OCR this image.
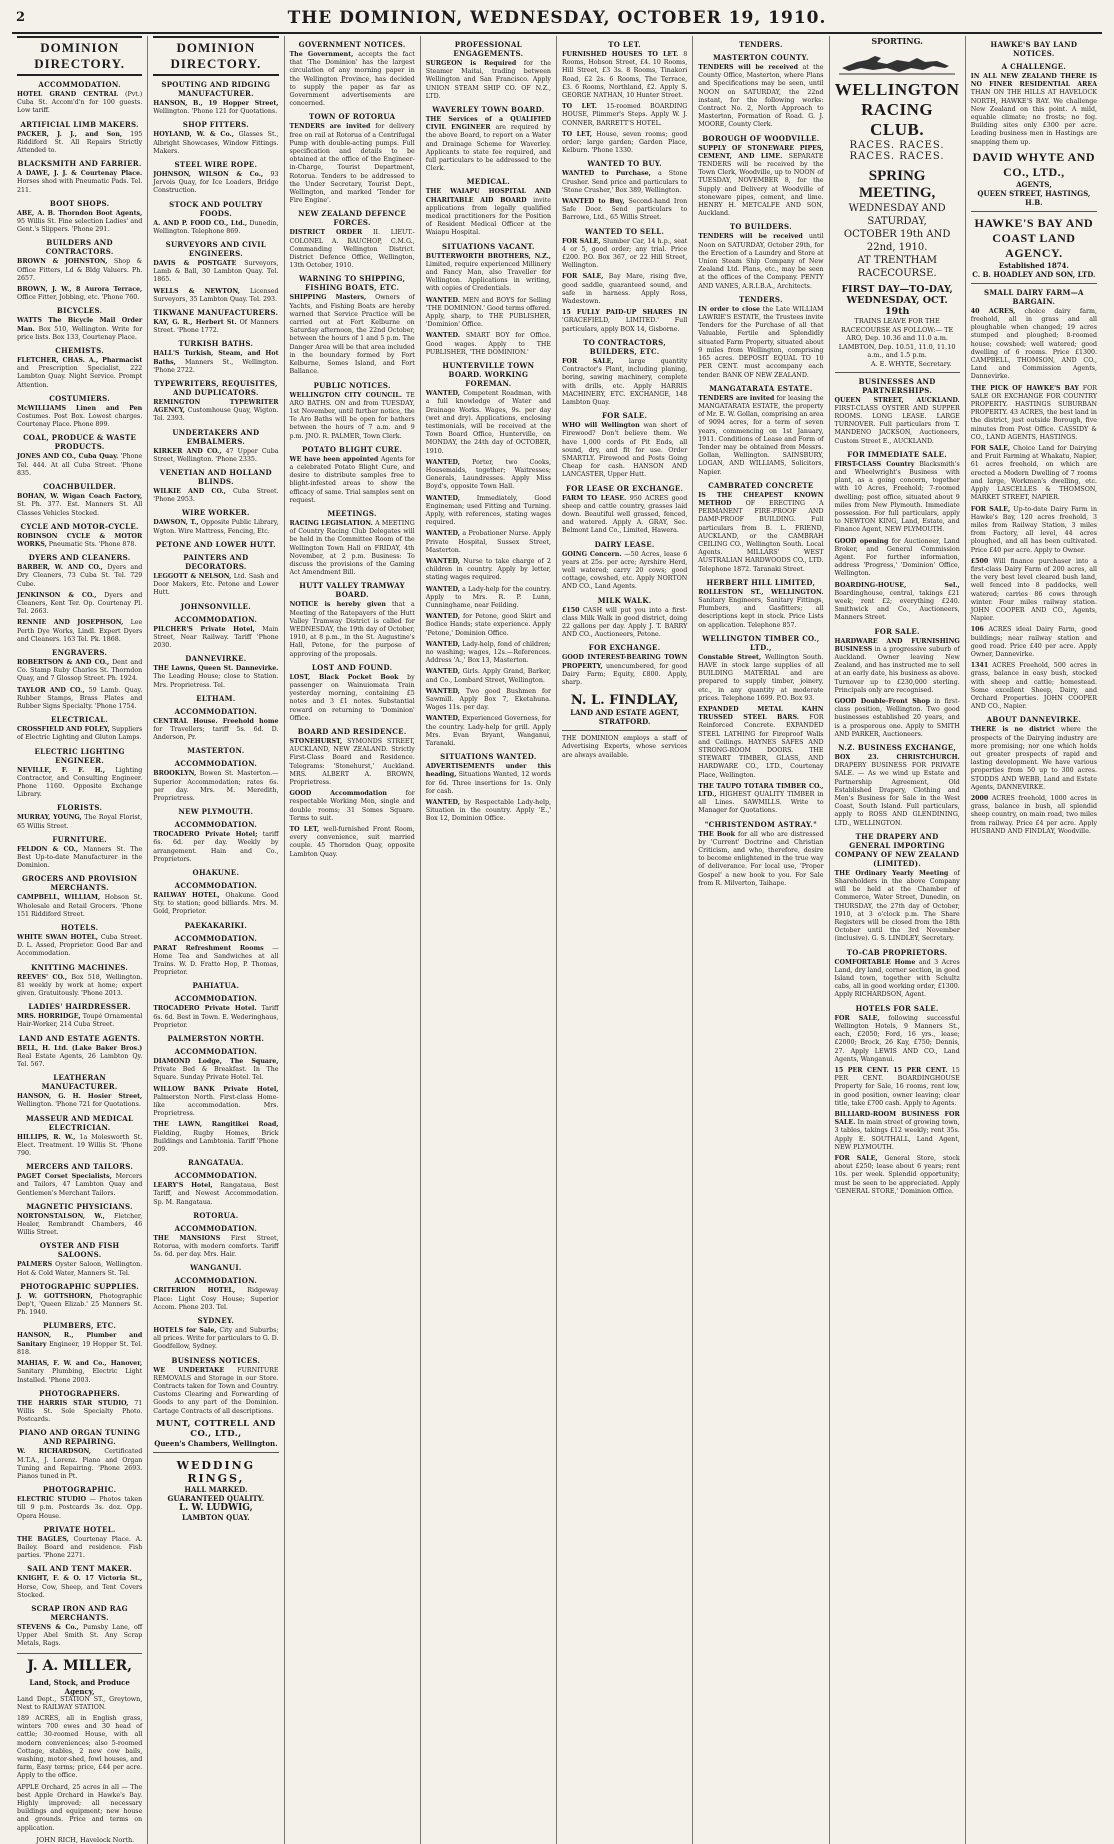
2	THE DOMINION, WEDNESDAY, OCTOBER 19, 1910.
DOMINION DIRECTORY.
ACCOMMODATION.
HOTEL GRAND CENTRAL (Pvt.) Cuba St. Accom'd'n for 100 guests. Low tariff.
ARTIFICIAL LIMB MAKERS.
PACKER, J. J., and Son, 195 Riddiford St. All Repairs Strictly Attended to.
BLACKSMITH AND FARRIER.
A DAWE, J. J. & Courtenay Place. Horses shod with Pneumatic Pads. Tel. 211.
BOOT SHOPS.
ABE, A. B. Thorndon Boot Agents, 95 Willis St. Fine selection Ladies' and Gent.'s Slippers. 'Phone 291.
BUILDERS AND CONTRACTORS.
BROWN & JOHNSTON, Shop & Office Fitters, Ld & Bldg Valuers. Ph. 2657.
BROWN, J. W., 8 Aurora Terrace, Office Fitter, Jobbing, etc. 'Phone 760.
BICYCLES.
WATTS The Bicycle Mail Order Man. Box 510, Wellington. Write for price lists. Box 133, Courtenay Place.
CHEMISTS.
FLETCHER, CHAS. A., Pharmacist and Prescription Specialist, 222 Lambton Quay. Night Service. Prompt Attention.
COSTUMIERS.
McWILLIAMS Linen and Pen Costumes. Post Box. Lowest charges. Courtenay Place. Phone 899.
COAL, PRODUCE & WASTE PRODUCTS.
JONES AND CO., Cuba Quay. 'Phone Tel. 444. At all Cuba Street. 'Phone 835.
COACHBUILDER.
BOHAN, W. Wigan Coach Factory, St. Ph. 377. Est. Manners St. All Classes Vehicles Stocked.
CYCLE AND MOTOR-CYCLE.
ROBINSON CYCLE & MOTOR WORKS, Pneumatic Sts. 'Phone 878.
DYERS AND CLEANERS.
BARBER, W. AND CO., Dyers and Dry Cleaners, 73 Cuba St. Tel. 729 Cube.
JENKINSON & CO., Dyers and Cleaners, Kent Ter. Op. Courtenay Pl. Tel. 2663.
RENNIE AND JOSEPHSON, Lee Perth Dye Works, Lindl. Expert Dyers and Cleaners. 163 Tel. Pk. 1868.
ENGRAVERS.
ROBERTSON & AND CO., Dent and Co. Stamp Ruby Charles St. Thorndon Quay, and 7 Glossop Street. Ph. 1924.
TAYLOR AND CO., 59 Lamb. Quay. Rubber Stamps, Brass Plates and Rubber Signs Specialty. 'Phone 1754.
ELECTRICAL.
CROSSFIELD AND FOLEY, Suppliers of Electric Lighting and Gluton Lamps.
ELECTRIC LIGHTING ENGINEER.
NEVILLE, F. F. H., Lighting Contractor, and Consulting Engineer. Phone 1160. Opposite Exchange Library.
FLORISTS.
MURRAY, YOUNG, The Royal Florist, 65 Willis Street.
FURNITURE.
FELDON & CO., Manners St. The Best Up-to-date Manufacturer in the Dominion.
GROCERS AND PROVISION MERCHANTS.
CAMPBELL, WILLIAM, Hobson St. Wholesale and Retail Grocers. 'Phone 151 Riddiford Street.
HOTELS.
WHITE SWAN HOTEL, Cuba Street. D. L. Assed, Proprietor. Good Bar and Accommodation.
KNITTING MACHINES.
REEVES' CO., Box 518, Wellington. 81 weekly by work at home; expert given. Gratuitously. 'Phone 2013.
LADIES' HAIRDRESSER.
MRS. HORRIDGE, Toupé Ornamental Hair-Worker, 214 Cuba Street.
LAND AND ESTATE AGENTS.
BELL, H. Ltd. (Lake Baker Bros.) Real Estate Agents, 26 Lambton Qy. Tel. 567.
LEATHERAN MANUFACTURER.
HANSON, G. H. Hosier Street, Wellington. 'Phone 721 for Quotations.
MASSEUR AND MEDICAL ELECTRICIAN.
HILLIPS, R. W., 1a Molesworth St. Elect. Treatment. 19 Willis St. 'Phone 790.
MERCERS AND TAILORS.
PAGET Corset Specialists, Mercers and Tailors, 47 Lambton Quay and Gentlemen's Merchant Tailors.
MAGNETIC PHYSICIANS.
NORTONSTALSON, W., Fletcher, Healer, Rembrandt Chambers, 46 Willis Street.
OYSTER AND FISH SALOONS.
PALMERS Oyster Saloon, Wellington. Hot & Cold Water, Manners St. Tel.
PHOTOGRAPHIC SUPPLIES.
J. W. GOTTSHORN, Photographic Dep't, 'Queen Elizab.' 25 Manners St. Ph. 1940.
PLUMBERS, ETC.
HANSON, R., Plumber and Sanitary Engineer, 19 Hopper St. Tel. 818.
MAHIAS, F. W. and Co., Hanover, Sanitary Plumbing, Electric Light Installed. 'Phone 2003.
PHOTOGRAPHERS.
THE HARRIS STAR STUDIO, 71 Willis St. Sole Specialty Photo. Postcards.
PIANO AND ORGAN TUNING AND REPAIRING.
W. RICHARDSON, Certificated M.T.A., J. Lorenz. Piano and Organ Tuning and Repairing. 'Phone 2693. Pianos tuned in Pt.
PHOTOGRAPHIC.
ELECTRIC STUDIO — Photos taken till 9 p.m. Postcards 3s. doz. Opp. Opera House.
PRIVATE HOTEL.
THE BAGLES, Courtenay Place. A. Bailey. Board and residence. Fish parties. 'Phone 2271.
SAIL AND TENT MAKER.
KNIGHT, F. & O. 17 Victoria St., Horse, Cow, Sheep, and Tent Covers Stocked.
SCRAP IRON AND RAG MERCHANTS.
STEVENS & Co., Pumsby Lane, off Upper Abel Smith St. Any Scrap Metals, Rags.
J. A. MILLER,
Land, Stock, and Produce Agency,
Land Dept., STATION ST., Greytown, Next to RAILWAY STATION.
189 ACRES, all in English grass, winters 700 ewes and 30 head of cattle; 30-roomed House, with all modern conveniences; also 5-roomed Cottage, stables, 2 new cow bails, washing, motor-shed, fowl houses, and farm, Easy terms; price, £44 per acre. Apply to the office.
APPLE Orchard, 25 acres in all — The best Apple Orchard in Hawke's Bay. Highly improved; all necessary buildings and equipment; new house and grounds. Price and terms on application.
JOHN RICH, Havelock North.
DOMINION DIRECTORY.
SPOUTING AND RIDGING MANUFACTURER.
HANSON, B., 19 Hopper Street, Wellington. 'Phone 121 for Quotations.
SHOP FITTERS.
HOYLAND, W. & Co., Glasses St., Albright Showcases, Window Fittings. Makers.
STEEL WIRE ROPE.
JOHNSON, WILSON & Co., 93 Jervois Quay, for Ice Loaders, Bridge Construction.
STOCK AND POULTRY FOODS.
A. AND P. FOOD CO., Ltd., Dunedin, Wellington. Telephone 869.
SURVEYORS AND CIVIL ENGINEERS.
DAVIS & POSTGATE Surveyors, Lamb & Ball, 30 Lambton Quay. Tel. 1865.
WELLS & NEWTON, Licensed Surveyors, 35 Lambton Quay. Tel. 293.
TIKWANE MANUFACTURERS.
KAY, G. R., Herbert St. Of Manners Street. 'Phone 1772.
TURKISH BATHS.
HALL'S Turkish, Steam, and Hot Baths, Manners St., Wellington. 'Phone 2722.
TYPEWRITERS, REQUISITES, AND DUPLICATORS.
REMINGTON TYPEWRITER AGENCY, Customhouse Quay, Wigton. Tel. 2393.
UNDERTAKERS AND EMBALMERS.
KIRKER AND CO., 47 Upper Cuba Street, Wellington. 'Phone 2335.
VENETIAN AND HOLLAND BLINDS.
WILKIE AND CO., Cuba Street. 'Phone 2953.
WIRE WORKER.
DAWSON, T., Opposite Public Library, Wgton. Wire Mattress, Fencing, Etc.
PETONE AND LOWER HUTT.
PAINTERS AND DECORATORS.
LEGGOTT & NELSON, Ltd. Sash and Door Makers, Etc. Petone and Lower Hutt.
JOHNSONVILLE.
ACCOMMODATION.
PILCHER'S Private Hotel, Main Street, Near Railway. Tariff 'Phone 2030.
DANNEVIRKE.
THE Lawns, Queen St. Dannevirke. The Leading House; close to Station. Mrs. Proprietress. Tel.
ELTHAM.
ACCOMMODATION.
CENTRAL House. Freehold home for Travellers; tariff 5s. 6d. D. Anderson, Pr.
MASTERTON.
ACCOMMODATION.
BROOKLYN, Bowen St. Masterton.—Superior Accommodation; rates 6s. per day. Mrs. M. Meredith, Proprietress.
NEW PLYMOUTH.
ACCOMMODATION.
TROCADERO Private Hotel; tariff 6s. 6d. per day. Weekly by arrangement. Hain and Co., Proprietors.
OHAKUNE.
ACCOMMODATION.
RAILWAY HOTEL, Ohakune. Good Sty. to station; good billiards. Mrs. M. Gold, Proprietor.
PAEKAKARIKI.
ACCOMMODATION.
PARAT Refreshment Rooms — Home Tea and Sandwiches at all Trains. W. D. Fratto Hop, P. Thomas, Proprietor.
PAHIATUA.
ACCOMMODATION.
TROCADERO Private Hotel. Tariff 6s. 6d. Best in Town. E. Wederinghaus, Proprietor.
PALMERSTON NORTH.
ACCOMMODATION.
DIAMOND Lodge, The Square, Private Bed & Breakfast. In The Square. Sunday Private Hotel. Tel.
WILLOW BANK Private Hotel, Palmerston North. First-class Home-like accommodation. Mrs. Proprietress.
THE LAWN, Rangitikei Road, Fielding, Rugby Homes, Brick Buildings and Lambtonia. Tariff 'Phone 209.
RANGATAUA.
ACCOMMODATION.
LEARY'S Hotel, Rangataua, Best Tariff, and Newest Accommodation. Sp. M. Rangataua.
ROTORUA.
ACCOMMODATION.
THE MANSIONS First Street, Rotorua, with modern comforts. Tariff 5s. 6d. per day. Mrs. Hair.
WANGANUI.
ACCOMMODATION.
CRITERION HOTEL, Ridgeway Place: Light Cosy House; Superior Accom. Phone 203. Tel.
SYDNEY.
HOTELS for Sale, City and Suburbs; all prices. Write for particulars to G. D. Goodfellow, Sydney.
BUSINESS NOTICES.
WE UNDERTAKE FURNITURE REMOVALS and Storage in our Store. Contracts taken for Town and Country. Customs Clearing and Forwarding of Goods to any part of the Dominion. Cartage Contracts of all descriptions.
MUNT, COTTRELL AND CO., LTD.,
Queen's Chambers, Wellington.
WEDDING RINGS,
HALL MARKED.
GUARANTEED QUALITY.
L. W. LUDWIG,
LAMBTON QUAY.
GOVERNMENT NOTICES.
The Government, accepts the fact that 'The Dominion' has the largest circulation of any morning paper in the Wellington Province, has decided to supply the paper as far as Government advertisements are concerned.
TOWN OF ROTORUA
TENDERS are invited for delivery free on rail at Rotorua of a Centrifugal Pump with double-acting pumps. Full specification and details to be obtained at the office of the Engineer-in-Charge, Tourist Department, Rotorua. Tenders to be addressed to the Under Secretary, Tourist Dept., Wellington, and marked 'Tender for Fire Engine'.
NEW ZEALAND DEFENCE FORCES.
DISTRICT ORDER II. LIEUT.-COLONEL A. BAUCHOP, C.M.G., Commanding Wellington District. District Defence Office, Wellington, 13th October, 1910.
WARNING TO SHIPPING, FISHING BOATS, ETC.
SHIPPING Masters, Owners of Yachts, and Fishing Boats are hereby warned that Service Practice will be carried out at Fort Kelburne on Saturday afternoon, the 22nd October, between the hours of 1 and 5 p.m. The Danger Area will be that area included in the boundary formed by Fort Kelburne, Somes Island, and Fort Ballance.
PUBLIC NOTICES.
WELLINGTON CITY COUNCIL. TE ARO BATHS. ON and from TUESDAY, 1st November, until further notice, the Te Aro Baths will be open for bathers between the hours of 7 a.m. and 9 p.m. JNO. R. PALMER, Town Clerk.
POTATO BLIGHT CURE.
WE have been appointed Agents for a celebrated Potato Blight Cure, and desire to distribute samples free to blight-infested areas to show the efficacy of same. Trial samples sent on request.
MEETINGS.
RACING LEGISLATION. A MEETING of Country Racing Club Delegates will be held in the Committee Room of the Wellington Town Hall on FRIDAY, 4th November, at 2 p.m. Business: To discuss the provisions of the Gaming Act Amendment Bill.
HUTT VALLEY TRAMWAY BOARD.
NOTICE is hereby given that a Meeting of the Ratepayers of the Hutt Valley Tramway District is called for WEDNESDAY, the 19th day of October, 1910, at 8 p.m., in the St. Augustine's Hall, Petone, for the purpose of approving of the proposals.
LOST AND FOUND.
LOST, Black Pocket Book by passenger on Wainuiomata Train yesterday morning, containing £5 notes and 3 £1 notes. Substantial reward on returning to 'Dominion' Office.
BOARD AND RESIDENCE.
STONEHURST, SYMONDS STREET, AUCKLAND, NEW ZEALAND. Strictly First-Class Board and Residence. Telegrams: 'Stonehurst,' Auckland. MRS. ALBERT A. BROWN, Proprietress.
GOOD Accommodation	for respectable Working Men, single and double rooms; 31 Somes Square. Terms to suit.
TO LET, well-furnished Front Room, every convenience, suit married couple. 45 Thorndon Quay, opposite Lambton Quay.
PROFESSIONAL ENGAGEMENTS.
SURGEON is Required for the Steamer Maitai, trading between Wellington and San Francisco. Apply UNION STEAM SHIP CO. OF N.Z., LTD.
WAVERLEY TOWN BOARD.
THE Services of a QUALIFIED CIVIL ENGINEER are required by the above Board, to report on a Water and Drainage Scheme for Waverley. Applicants to state fee required, and full particulars to be addressed to the Clerk.
MEDICAL.
THE WAIAPU HOSPITAL AND CHARITABLE AID BOARD invite applications from legally qualified medical practitioners for the Position of Resident Medical Officer at the Waiapu Hospital.
SITUATIONS VACANT.
BUTTERWORTH BROTHERS, N.Z., Limited, require experienced Millinery and Fancy Man, also Traveller for Wellington. Applications in writing, with copies of Credentials.
WANTED. MEN and BOYS for Selling 'THE DOMINION.' Good terms offered. Apply, sharp, to THE PUBLISHER, 'Dominion' Office.
WANTED. SMART BOY for Office. Good wages. Apply to THE PUBLISHER, 'THE DOMINION.'
HUNTERVILLE TOWN BOARD. WORKING FOREMAN.
WANTED, Competent Roadman, with a full knowledge of Water and Drainage Works. Wages, 9s. per day (wet and dry). Applications, enclosing testimonials, will be received at the Town Board Office, Hunterville, on MONDAY, the 24th day of OCTOBER, 1910.
WANTED, Porter, two Cooks, Housemaids, together; Waitresses; Generals, Laundresses. Apply Miss Boyd's, opposite Town Hall.
WANTED,	Immediately, Good Engineman; used Fitting and Turning. Apply, with references, stating wages required.
WANTED, a Probationer Nurse. Apply Private Hospital, Sussex Street, Masterton.
WANTED, Nurse to take charge of 2 children in country. Apply by letter, stating wages required.
WANTED, a Lady-help for the country. Apply to Mrs. R. P. Lunn, Cunninghame, near Feilding.
WANTED, for Petone, good Skirt and Bodice Hands; state experience. Apply 'Petone,' Dominion Office.
WANTED, Lady-help, fond of children; no washing; wages, 12s.—References. Address 'A.,' Box 13, Masterton.
WANTED, Girls. Apply Grand, Barker, and Co., Lombard Street, Wellington.
WANTED, Two good Bushmen for Sawmill. Apply Box 7, Eketahuna. Wages 11s. per day.
WANTED, Experienced Governess, for the country. Lady-help for grill. Apply Mrs. Evan Bryant, Wanganui, Taranaki.
SITUATIONS WANTED.
ADVERTISEMENTS under this heading, Situations Wanted, 12 words for 6d. Three insertions for 1s. Only for cash.
WANTED, by Respectable Lady-help, Situation in the country. Apply 'E.,' Box 12, Dominion Office.
TO LET.
FURNISHED HOUSES TO LET. 8 Rooms, Hobson Street, £4. 10 Rooms, Hill Street, £3 3s. 8 Rooms, Tinakori Road, £2 2s. 6 Rooms, The Terrace, £3. 6 Rooms, Northland, £2. Apply S. GEORGE NATHAN, 10 Hunter Street.
TO LET. 15-roomed BOARDING HOUSE, Plimmer's Steps. Apply W. J. CONNER, BARRETT'S HOTEL.
TO LET, House, seven rooms; good order; large garden; Garden Place, Kelburn. 'Phone 1330.
WANTED TO BUY.
WANTED to Purchase, a Stone Crusher. Send price and particulars to 'Stone Crusher,' Box 389, Wellington.
WANTED to Buy, Second-hand Iron Safe Door. Send particulars to Barrowe, Ltd., 65 Willis Street.
WANTED TO SELL.
FOR SALE, Slumber Car, 14 h.p., seat 4 or 5, good order; any trial. Price £200. P.O. Box 367, or 22 Hill Street, Wellington.
FOR SALE, Bay Mare, rising five, good saddle, guaranteed sound, and safe in harness. Apply Ross, Wadestown.
15 FULLY PAID-UP SHARES IN 'GRACEFIELD, LIMITED.' Full particulars, apply BOX 14, Gisborne.
TO CONTRACTORS, BUILDERS, ETC.
FOR SALE, large quantity Contractor's Plant, including planing, boring, sawing machinery, complete with drills, etc. Apply HARRIS MACHINERY, ETC. EXCHANGE, 148 Lambton Quay.
FOR SALE.
WHO will Wellington wan short of Firewood? Don't believe them. We have 1,000 cords of Pit Ends, all sound, dry, and fit for use. Order SMARTLY. Firewood and Posts Going Cheap for cash. HANSON AND LANCASTER, Upper Hutt.
FOR LEASE OR EXCHANGE.
FARM TO LEASE. 950 ACRES good sheep and cattle country, grasses laid down. Beautiful well grassed, fenced, and watered. Apply A. GRAY, Sec. Belmont Land Co., Limited, Hawera.
DAIRY LEASE.
GOING Concern. —50 Acres, lease 6 years at 25s. per acre; Ayrshire Herd, well watered; carry 20 cows; good cottage, cowshed, etc. Apply NORTON AND CO., Land Agents.
MILK WALK.
£150 CASH will put you into a first-class Milk Walk in good district, doing 22 gallons per day. Apply J. T. BARRY AND CO., Auctioneers, Petone.
FOR EXCHANGE.
GOOD INTEREST-BEARING TOWN PROPERTY, unencumbered, for good Dairy Farm; Equity, £800. Apply, sharp.
N. L. FINDLAY,
LAND AND ESTATE AGENT,
STRATFORD.
THE DOMINION employs a staff of Advertising Experts, whose services are always available.
TENDERS.
MASTERTON COUNTY.
TENDERS will be received at the County Office, Masterton, where Plans and Specifications may be seen, until NOON on SATURDAY, the 22nd instant, for the following works: Contract No. 2, North Approach to Masterton, Formation of Road. G. J. MOORE, County Clerk.
BOROUGH OF WOODVILLE.
SUPPLY OF STONEWARE PIPES, CEMENT, AND LIME. SEPARATE TENDERS will be received by the Town Clerk, Woodville, up to NOON of TUESDAY, NOVEMBER 8, for the Supply and Delivery at Woodville of stoneware pipes, cement, and lime. HENRY H. METCALFE AND SON, Auckland.
TO BUILDERS.
TENDERS will be received until Noon on SATURDAY, October 29th, for the Erection of a Laundry and Store at Union Steam Ship Company of New Zealand Ltd. Plans, etc., may be seen at the offices of the Company. PENTY AND VANES, A.R.I.B.A., Architects.
TENDERS.
IN order to close the Late WILLIAM LAWRIE'S ESTATE, the Trustees invite Tenders for the Purchase of all that Valuable, Fertile and Splendidly situated Farm Property, situated about 9 miles from Wellington, comprising 165 acres. DEPOSIT EQUAL TO 10 PER CENT. must accompany each tender. BANK OF NEW ZEALAND.
MANGATARATA ESTATE.
TENDERS are invited for leasing the MANGATARATA ESTATE, the property of Mr. E. W. Gollan, comprising an area of 9094 acres, for a term of seven years, commencing on 1st January, 1911. Conditions of Lease and Form of Tender may be obtained from Messrs. Gollan, Wellington. SAINSBURY, LOGAN, AND WILLIAMS, Solicitors, Napier.
CAMBRATED CONCRETE
IS THE CHEAPEST KNOWN METHOD OF ERECTING A PERMANENT FIRE-PROOF AND DAMP-PROOF BUILDING. Full particulars from B. L. FRIEND, AUCKLAND, or the CAMBRAH CEILING CO., Wellington South. Local Agents. MILLARS' WEST AUSTRALIAN HARDWOODS CO., LTD. Telephone 1872. Taranaki Street.
HERBERT HILL LIMITED,
ROLLESTON ST., WELLINGTON. Sanitary Engineers, Sanitary Fittings, Plumbers, and Gasfitters; all descriptions kept in stock. Price Lists on application. Telephone 857.
WELLINGTON TIMBER CO., LTD.,
Constable Street, Wellington South. HAVE in stock large supplies of all BUILDING MATERIAL and are prepared to supply timber, joinery, etc., in any quantity at moderate prices. Telephone 1699. P.O. Box 93.
EXPANDED METAL KAHN TRUSSED STEEL BARS. FOR Reinforced Concrete. EXPANDED STEEL LATHING for Fireproof Walls and Ceilings. HAYNES SAFES AND STRONG-ROOM DOORS. THE STEWART TIMBER, GLASS, AND HARDWARE CO., LTD., Courtenay Place, Wellington.
THE TAUPO TOTARA TIMBER CO., LTD., HIGHEST QUALITY TIMBER in all Lines. SAWMILLS. Write to Manager for Quotations.
"CHRISTENDOM ASTRAY."
THE Book for all who are distressed by 'Current' Doctrine and Christian Criticism, and who, therefore, desire to become enlightened in the true way of deliverance. For local use, 'Proper Gospel' a new book to you. For Sale from R. Milverton, Taihape.
SPORTING.
WELLINGTON RACING CLUB.
RACES. RACES. RACES. RACES.
SPRING MEETING,
WEDNESDAY AND SATURDAY,
OCTOBER 19th AND 22nd, 1910.
AT TRENTHAM RACECOURSE.
FIRST DAY—TO-DAY, WEDNESDAY, OCT. 19th
TRAINS LEAVE FOR THE RACECOURSE AS FOLLOW:— TE ARO, Dep. 10.36 and 11.0 a.m. LAMBTON, Dep. 10.51, 11.0, 11.10 a.m., and 1.5 p.m.
A. E. WHYTE, Secretary.
BUSINESSES AND PARTNERSHIPS.
QUEEN STREET, AUCKLAND. FIRST-CLASS OYSTER AND SUPPER ROOMS. LONG LEASE. LARGE TURNOVER. Full particulars from T. MANDENO JACKSON, Auctioneers, Custom Street E., AUCKLAND.
FOR IMMEDIATE SALE.
FIRST-CLASS Country Blacksmith's and Wheelwright's Business with plant, as a going concern, together with 10 Acres, Freehold; 7-roomed dwelling; post office, situated about 9 miles from New Plymouth. Immediate possession. For full particulars, apply to NEWTON KING, Land, Estate, and Finance Agent, NEW PLYMOUTH.
GOOD opening for Auctioneer, Land Broker, and General Commission Agent. For further information, address 'Progress,' 'Dominion' Office, Wellington.
BOARDING-HOUSE, Sel., Boardinghouse, central, takings £21 week; rent £2; everything £240. Smithwick and Co., Auctioneers, Manners Street.
FOR SALE.
HARDWARE AND FURNISHING BUSINESS in a progressive suburb of Auckland. Owner leaving New Zealand, and has instructed me to sell at an early date, his business as above. Turnover up to £230,000 sterling. Principals only are recognised.
GOOD Double-Front Shop in first-class position, Wellington. Two good businesses established 20 years, and is a prosperous one. Apply to SMITH AND PARKER, Auctioneers.
N.Z. BUSINESS EXCHANGE,
BOX 23. CHRISTCHURCH. DRAPERY BUSINESS FOR PRIVATE SALE. — As we wind up Estate and Partnership Agreement, Old Established Drapery, Clothing and Men's Business for Sale in the West Coast, South Island. Full particulars, apply to ROSS AND GLENDINING, LTD., WELLINGTON.
THE DRAPERY AND GENERAL IMPORTING COMPANY OF NEW ZEALAND (LIMITED).
THE Ordinary Yearly Meeting of Shareholders in the above Company will be held at the Chamber of Commerce, Water Street, Dunedin, on THURSDAY, the 27th day of October, 1910, at 3 o'clock p.m. The Share Registers will be closed from the 18th October until the 3rd November (inclusive). G. S. LINDLEY, Secretary.
TO-CAB PROPRIETORS.
COMFORTABLE Home and 3 Acres Land, dry land, corner section, in good Island town, together with Schultz cabs, all in good working order, £1300. Apply RICHARDSON, Agent.
HOTELS FOR SALE.
FOR SALE, following successful Wellington Hotels, 9 Manners St., each, £2050; Ford, 16 yrs., lease; £2000; Brock, 26 Kay, £750; Dennis, 27. Apply LEWIS AND CO., Land Agents, Wanganui.
15 PER CENT. 15 PER CENT. 15 PER CENT. BOARDINGHOUSE Property for Sale, 16 rooms, rent low, in good position, owner leaving; clear title, take £700 cash. Apply to Agents.
BILLIARD-ROOM BUSINESS FOR SALE. In main street of growing town, 3 tables, takings £12 weekly; rent 35s. Apply E. SOUTHALL, Land Agent, NEW PLYMOUTH.
FOR SALE, General Store, stock about £250; lease about 6 years; rent 10s. per week. Splendid opportunity; must be seen to be appreciated. Apply 'GENERAL STORE,' Dominion Office.
HAWKE'S BAY LAND NOTICES.
A CHALLENGE.
IN ALL NEW ZEALAND THERE IS NO FINER RESIDENTIAL AREA THAN ON THE HILLS AT HAVELOCK NORTH, HAWKE'S BAY. We challenge New Zealand on this point. A mild, equable climate; no frosts; no fog. Building sites only £300 per acre. Leading business men in Hastings are snapping them up.
DAVID WHYTE AND CO., LTD.,
AGENTS,
QUEEN STREET, HASTINGS, H.B.
HAWKE'S BAY AND COAST LAND AGENCY.
Established 1874.
C. B. HOADLEY AND SON, LTD.
SMALL DAIRY FARM—A BARGAIN.
40 ACRES, choice dairy farm, freehold, all in grass and all ploughable when changed; 19 acres stumped and ploughed; 8-roomed house; cowshed; well watered; good dwelling of 6 rooms. Price £1300. CAMPBELL, THOMSON, AND CO., Land and Commission Agents, Dannevirke.
THE PICK OF HAWKE'S BAY FOR SALE OR EXCHANGE FOR COUNTRY PROPERTY. HASTINGS SUBURBAN PROPERTY. 43 ACRES, the best land in the district, just outside Borough, five minutes from Post Office. CASSIDY & CO., LAND AGENTS, HASTINGS.
FOR SALE, Choice Land for Dairying and Fruit Farming at Whakatu, Napier, 61 acres freehold, on which are erected a Modern Dwelling of 7 rooms and large, Workmen's dwelling, etc. Apply LASCELLES & THOMSON, MARKET STREET, NAPIER.
FOR SALE, Up-to-date Dairy Farm in Hawke's Bay, 120 acres freehold, 3 miles from Railway Station, 3 miles from Factory, all level, 44 acres ploughed, and all has been cultivated. Price £40 per acre. Apply to Owner.
£500 Will finance purchaser into a first-class Dairy Farm of 200 acres, all the very best level cleared bush land, well fenced into 8 paddocks, well watered; carries 86 cows through winter. Four miles railway station. JOHN COOPER AND CO., Agents, Napier.
106 ACRES ideal Dairy Farm, good buildings; near railway station and good road. Price £40 per acre. Apply Owner, Dannevirke.
1341 ACRES Freehold, 500 acres in grass, balance in easy bush, stocked with sheep and cattle; homestead. Some excellent Sheep, Dairy, and Orchard Properties. JOHN COOPER AND CO., Napier.
ABOUT DANNEVIRKE.
THERE is no district where the prospects of the Dairying industry are more promising; nor one which holds out greater prospects of rapid and lasting development. We have various properties from 50 up to 300 acres. STODDS AND WEBB, Land and Estate Agents, DANNEVIRKE.
2000 ACRES freehold, 1000 acres in grass, balance in bush, all splendid sheep country, on main road, two miles from railway. Price £4 per acre. Apply HUSBAND AND FINDLAY, Woodville.
